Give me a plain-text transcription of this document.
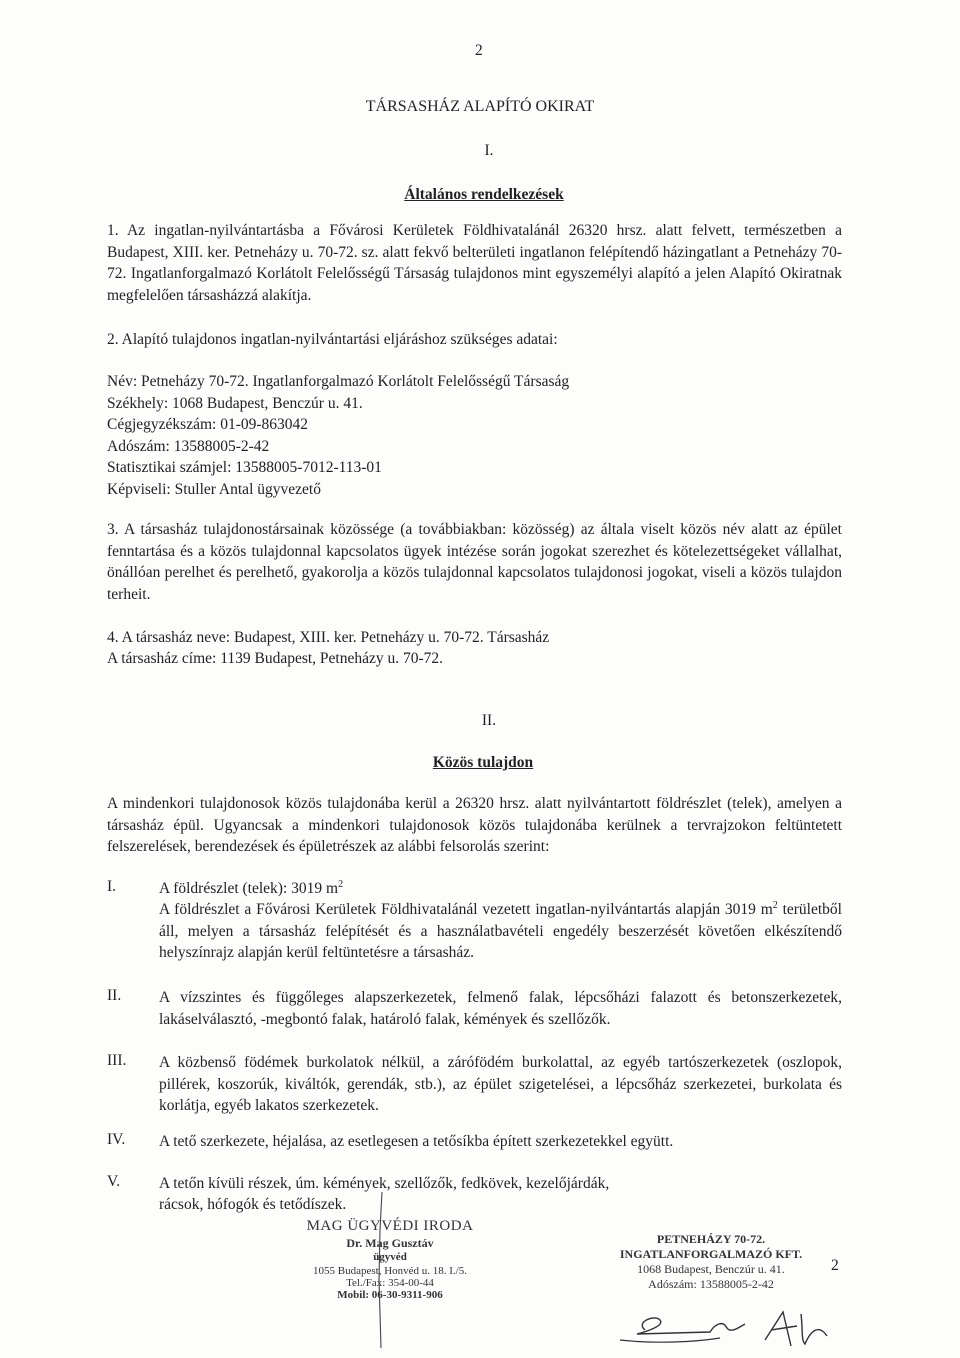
2
TÁRSASHÁZ ALAPÍTÓ OKIRAT
I.
Általános rendelkezések
1. Az ingatlan-nyilvántartásba a Fővárosi Kerületek Földhivatalánál 26320 hrsz. alatt felvett, természetben a Budapest, XIII. ker. Petneházy u. 70-72. sz. alatt fekvő belterületi ingatlanon felépítendő házingatlant a Petneházy 70-72. Ingatlanforgalmazó Korlátolt Felelősségű Társaság tulajdonos mint egyszemélyi alapító a jelen Alapító Okiratnak megfelelően társasházzá alakítja.
2. Alapító tulajdonos ingatlan-nyilvántartási eljáráshoz szükséges adatai:
Név: Petneházy 70-72. Ingatlanforgalmazó Korlátolt Felelősségű Társaság
Székhely: 1068 Budapest, Benczúr u. 41.
Cégjegyzékszám: 01-09-863042
Adószám: 13588005-2-42
Statisztikai számjel: 13588005-7012-113-01
Képviseli: Stuller Antal ügyvezető
3. A társasház tulajdonostársainak közössége (a továbbiakban: közösség) az általa viselt közös név alatt az épület fenntartása és a közös tulajdonnal kapcsolatos ügyek intézése során jogokat szerezhet és kötelezettségeket vállalhat, önállóan perelhet és perelhető, gyakorolja a közös tulajdonnal kapcsolatos tulajdonosi jogokat, viseli a közös tulajdon terheit.
4. A társasház neve: Budapest, XIII. ker. Petneházy u. 70-72. Társasház
A társasház címe: 1139 Budapest, Petneházy u. 70-72.
II.
Közös tulajdon
A mindenkori tulajdonosok közös tulajdonába kerül a 26320 hrsz. alatt nyilvántartott földrészlet (telek), amelyen a társasház épül. Ugyancsak a mindenkori tulajdonosok közös tulajdonába kerülnek a tervrajzokon feltüntetett felszerelések, berendezések és épületrészek az alábbi felsorolás szerint:
I.	A földrészlet (telek): 3019 $m^2$
A földrészlet a Fővárosi Kerületek Földhivatalánál vezetett ingatlan-nyilvántartás alapján 3019 $m^2$ területből áll, melyen a társasház felépítését és a használatbavételi engedély beszerzését követően elkészítendő helyszínrajz alapján kerül feltüntetésre a társasház.
II. A vízszintes és függőleges alapszerkezetek, felmenő falak, lépcsőházi falazott és betonszerkezetek, lakáselválasztó, -megbontó falak, határoló falak, kémények és szellőzők.
III. A közbenső födémek burkolatok nélkül, a zárófödém burkolattal, az egyéb tartószerkezetek (oszlopok, pillérek, koszorúk, kiváltók, gerendák, stb.), az épület szigetelései, a lépcsőház szerkezetei, burkolata és korlátja, egyéb lakatos szerkezetek.
IV. A tető szerkezete, héjalása, az esetlegesen a tetősíkba épített szerkezetekkel együtt.
V.	A tetőn kívüli részek, úm. kémények, szellőzők, fedkövek, kezelőjárdák,
rácsok, hófogók és tetődíszek.
MAG ÜGYVÉDI IRODA
Dr. Mag Gusztáv
ügyvéd
1055 Budapest, Honvéd u. 18. I./5.
Tel./Fax: 354-00-44
Mobil: 06-30-9311-906
PETNEHÁZY 70-72.
INGATLANFORGALMAZÓ KFT.
1068 Budapest, Benczúr u. 41.
Adószám: 13588005-2-42
2
